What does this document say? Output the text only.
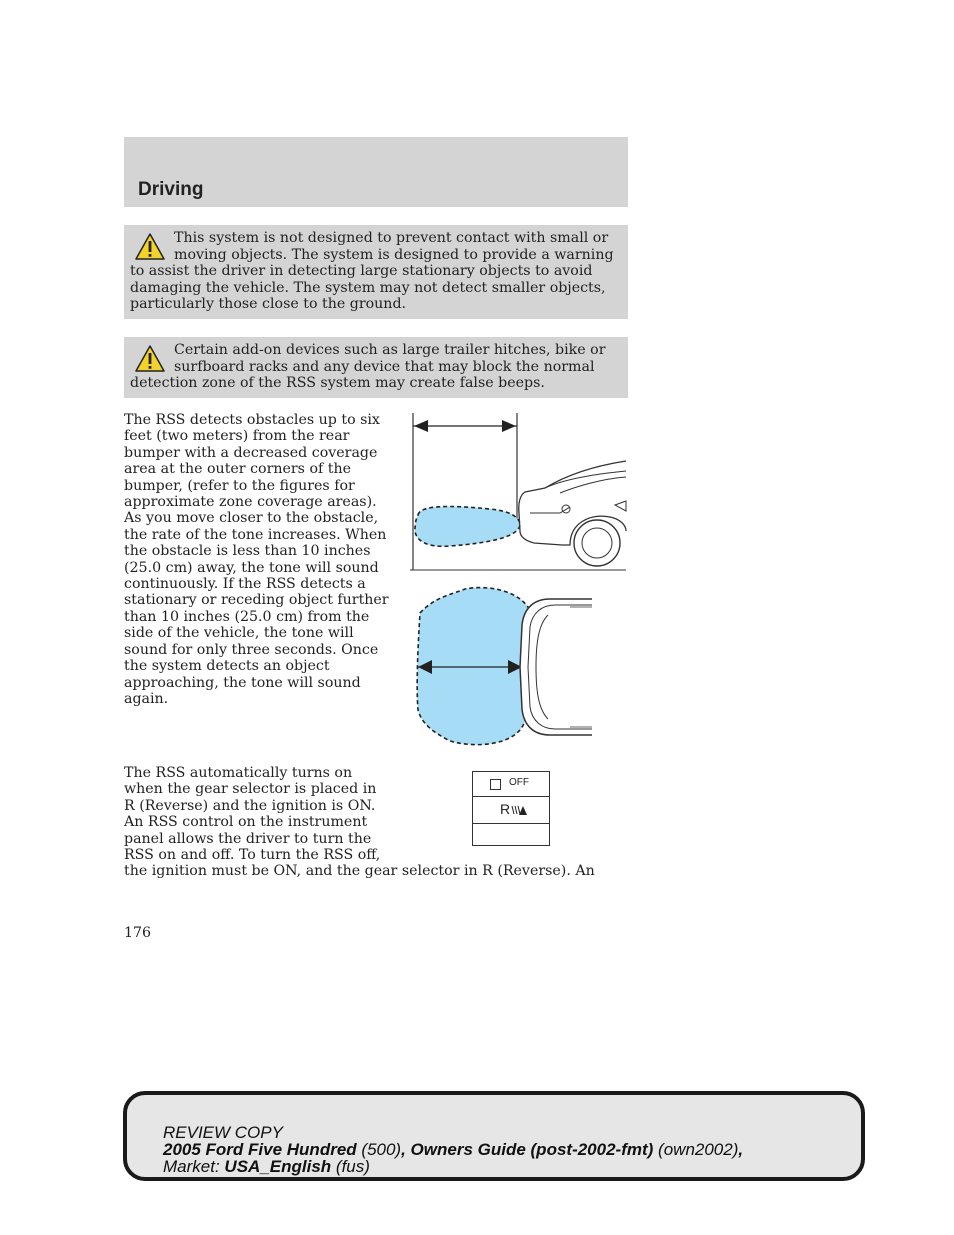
Driving
This system is not designed to prevent contact with small or moving objects. The system is designed to provide a warning to assist the driver in detecting large stationary objects to avoid damaging the vehicle. The system may not detect smaller objects, particularly those close to the ground.
Certain add-on devices such as large trailer hitches, bike or surfboard racks and any device that may block the normal detection zone of the RSS system may create false beeps.
The RSS detects obstacles up to six
feet (two meters) from the rear
bumper with a decreased coverage
area at the outer corners of the
bumper, (refer to the figures for
approximate zone coverage areas).
As you move closer to the obstacle,
the rate of the tone increases. When
the obstacle is less than 10 inches
(25.0 cm) away, the tone will sound
continuously. If the RSS detects a
stationary or receding object further
than 10 inches (25.0 cm) from the
side of the vehicle, the tone will
sound for only three seconds. Once
the system detects an object
approaching, the tone will sound
again.
The RSS automatically turns on
when the gear selector is placed in
R (Reverse) and the ignition is ON.
An RSS control on the instrument
panel allows the driver to turn the
RSS on and off. To turn the RSS off,
the ignition must be ON, and the gear selector in R (Reverse). An
OFF
R

176

REVIEW COPY
2005 Ford Five Hundred (500), Owners Guide (post-2002-fmt) (own2002),
Market: USA_English (fus)
